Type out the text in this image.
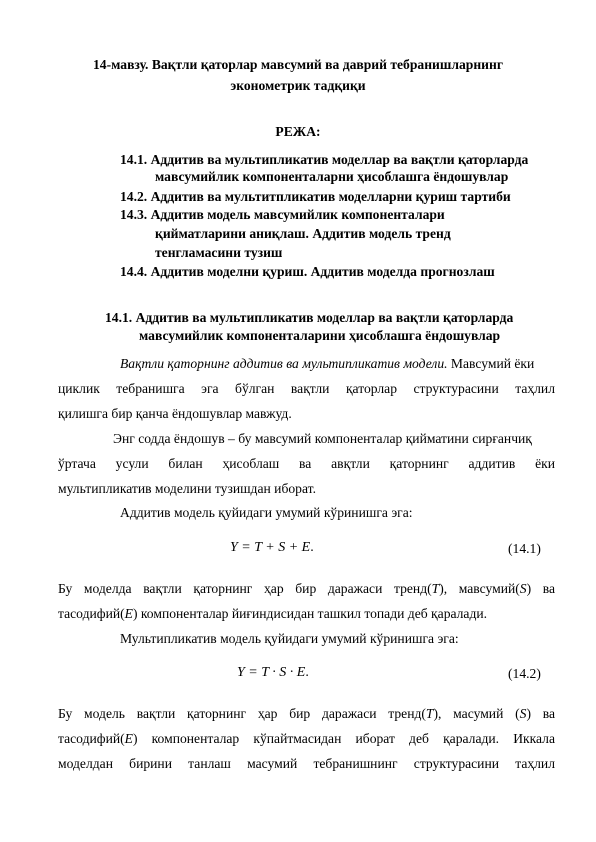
14-мавзу. Вақтли қаторлар мавсумий ва даврий тебранишларнинг
эконометрик тадқиқи
РЕЖА:
14.1. Аддитив ва мультипликатив моделлар ва вақтли қаторларда
мавсумийлик компоненталарни ҳисоблашга ёндошувлар
14.2. Аддитив ва мультитпликатив моделларни қуриш тартиби
14.3. Аддитив модель мавсумийлик компоненталари
қийматларини аниқлаш. Аддитив модель тренд
тенгламасини тузиш
14.4. Аддитив моделни қуриш. Аддитив моделда прогнозлаш
14.1. Аддитив ва мультипликатив моделлар ва вақтли қаторларда
мавсумийлик компоненталарини ҳисоблашга ёндошувлар
Вақтли қаторнинг аддитив ва мультипликатив модели. Мавсумий ёки
циклик тебранишга эга бўлган вақтли қаторлар структурасини таҳлил
қилишга бир қанча ёндошувлар мавжуд.
Энг содда ёндошув – бу мавсумий компоненталар қийматини сирғанчиқ
ўртача усули билан ҳисоблаш ва авқтли қаторнинг аддитив ёки
мультипликатив моделини тузишдан иборат.
Аддитив модель қуйидаги умумий кўринишга эга:
Y = T + S + E.	(14.1)
Бу моделда вақтли қаторнинг ҳар бир даражаси тренд(T), мавсумий(S) ва
тасодифий(E) компоненталар йиғиндисидан ташкил топади деб қаралади.
Мультипликатив модель қуйидаги умумий кўринишга эга:
Y = T · S · E.	(14.2)
Бу модель вақтли қаторнинг ҳар бир даражаси тренд(T), масумий (S) ва
тасодифий(E) компоненталар кўпайтмасидан иборат деб қаралади. Иккала
моделдан бирини танлаш масумий тебранишнинг структурасини таҳлил
